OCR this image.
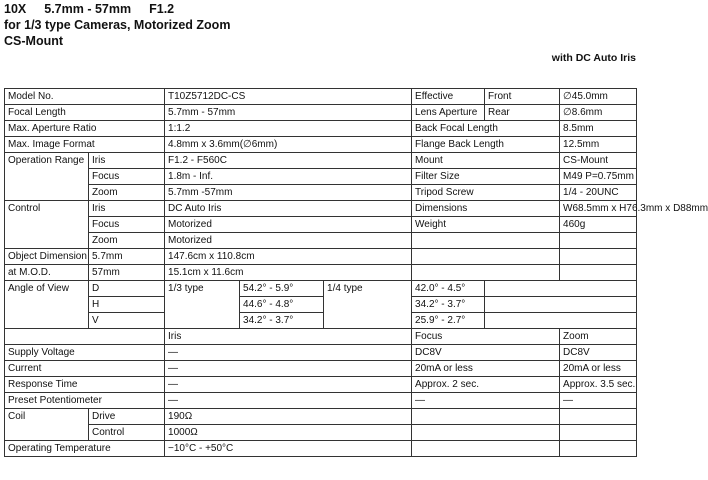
10X 5.7mm - 57mm F1.2
for 1/3 type Cameras, Motorized Zoom
CS-Mount
with DC Auto Iris
Model No.		T10Z5712DC-CS			Effective	Front	∅45.0mm
Focal Length		5.7mm - 57mm			Lens Aperture	Rear	∅8.6mm
Max. Aperture Ratio		1:1.2			Back Focal Length		8.5mm
Max. Image Format		4.8mm x 3.6mm(∅6mm)			Flange Back Length		12.5mm
Operation Range	Iris	F1.2 - F560C			Mount		CS-Mount
	Focus	1.8m - Inf.			Filter Size		M49 P=0.75mm
	Zoom	5.7mm -57mm			Tripod Screw		1/4 - 20UNC
Control	Iris	DC Auto Iris			Dimensions		W68.5mm x H76.3mm x D88mm
	Focus	Motorized			Weight		460g
	Zoom	Motorized					
Object Dimension	5.7mm	147.6cm x 110.8cm					
at M.O.D.	57mm	15.1cm x 11.6cm					
Angle of View	D	1/3 type	54.2° - 5.9°	1/4 type	42.0° - 4.5°		
	H		44.6° - 4.8°		34.2° - 3.7°		
	V		34.2° - 3.7°		25.9° - 2.7°		
		Iris			Focus		Zoom
Supply Voltage		—			DC8V		DC8V
Current		—			20mA or less		20mA or less
Response Time		—			Approx. 2 sec.		Approx. 3.5 sec.
Preset Potentiometer		—			—		—
Coil	Drive	190Ω					
	Control	1000Ω					
Operating Temperature		−10°C - +50°C					
